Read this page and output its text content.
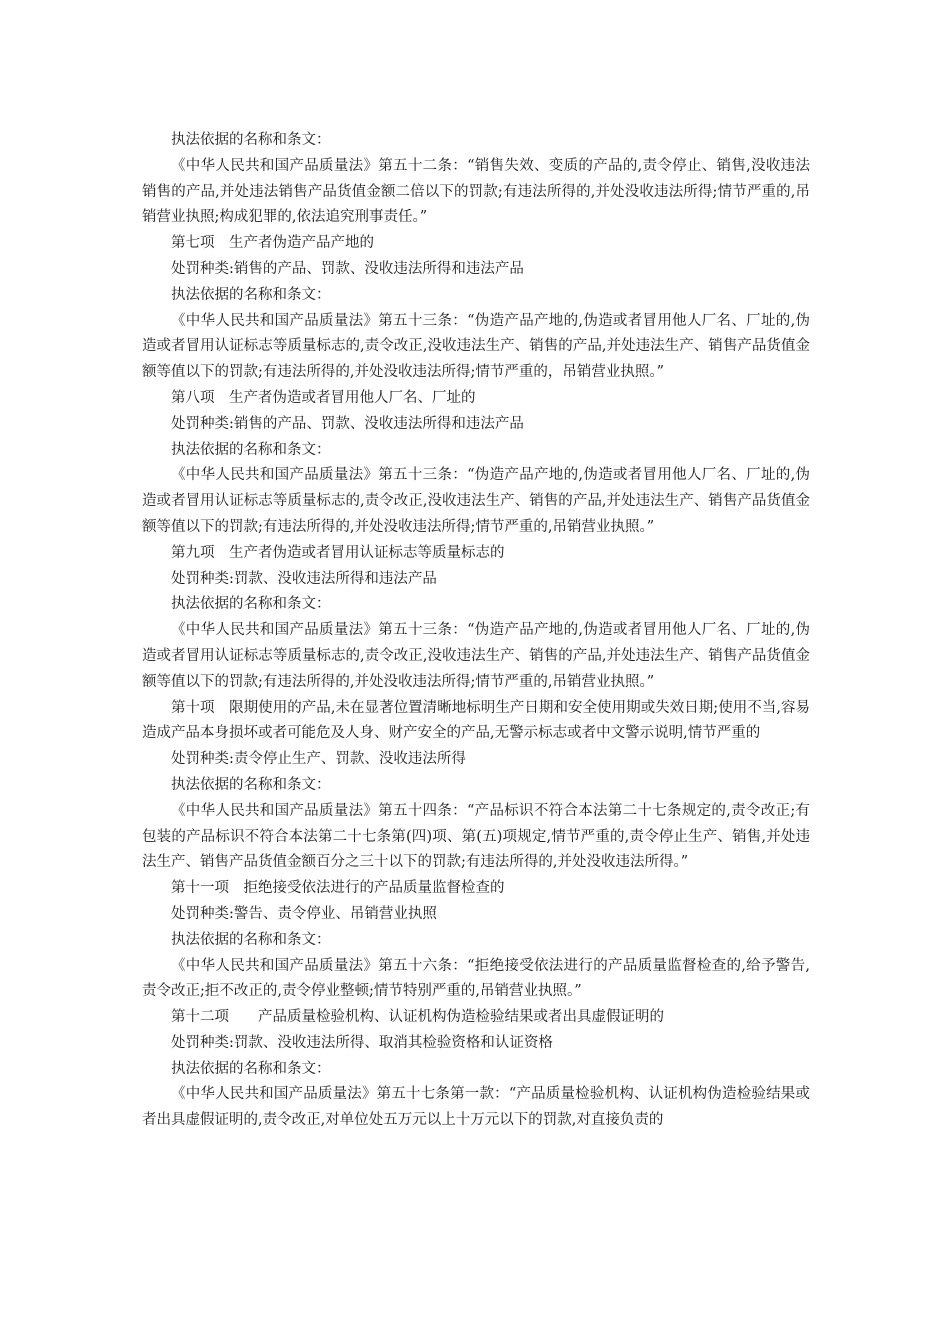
执法依据的名称和条文：

《中华人民共和国产品质量法》第五十二条：“销售失效、变质的产品的,责令停止、销售,没收违法销售的产品,并处违法销售产品货值金额二倍以下的罚款;有违法所得的,并处没收违法所得;情节严重的,吊销营业执照;构成犯罪的,依法追究刑事责任。”

第七项　生产者伪造产品产地的

处罚种类:销售的产品、罚款、没收违法所得和违法产品

执法依据的名称和条文：

《中华人民共和国产品质量法》第五十三条：“伪造产品产地的,伪造或者冒用他人厂名、厂址的,伪造或者冒用认证标志等质量标志的,责令改正,没收违法生产、销售的产品,并处违法生产、销售产品货值金额等值以下的罚款;有违法所得的,并处没收违法所得;情节严重的，吊销营业执照。”

第八项　生产者伪造或者冒用他人厂名、厂址的

处罚种类:销售的产品、罚款、没收违法所得和违法产品

执法依据的名称和条文：

《中华人民共和国产品质量法》第五十三条：“伪造产品产地的,伪造或者冒用他人厂名、厂址的,伪造或者冒用认证标志等质量标志的,责令改正,没收违法生产、销售的产品,并处违法生产、销售产品货值金额等值以下的罚款;有违法所得的,并处没收违法所得;情节严重的,吊销营业执照。”

第九项　生产者伪造或者冒用认证标志等质量标志的

处罚种类:罚款、没收违法所得和违法产品

执法依据的名称和条文：

《中华人民共和国产品质量法》第五十三条：“伪造产品产地的,伪造或者冒用他人厂名、厂址的,伪造或者冒用认证标志等质量标志的,责令改正,没收违法生产、销售的产品,并处违法生产、销售产品货值金额等值以下的罚款;有违法所得的,并处没收违法所得;情节严重的,吊销营业执照。”

第十项　限期使用的产品,未在显著位置清晰地标明生产日期和安全使用期或失效日期;使用不当,容易造成产品本身损坏或者可能危及人身、财产安全的产品,无警示标志或者中文警示说明,情节严重的

处罚种类:责令停止生产、罚款、没收违法所得

执法依据的名称和条文：

《中华人民共和国产品质量法》第五十四条：“产品标识不符合本法第二十七条规定的,责令改正;有包装的产品标识不符合本法第二十七条第(四)项、第(五)项规定,情节严重的,责令停止生产、销售,并处违法生产、销售产品货值金额百分之三十以下的罚款;有违法所得的,并处没收违法所得。”

第十一项　拒绝接受依法进行的产品质量监督检查的

处罚种类:警告、责令停业、吊销营业执照

执法依据的名称和条文：

《中华人民共和国产品质量法》第五十六条：“拒绝接受依法进行的产品质量监督检查的,给予警告,责令改正;拒不改正的,责令停业整顿;情节特别严重的,吊销营业执照。”

第十二项　　产品质量检验机构、认证机构伪造检验结果或者出具虚假证明的

处罚种类:罚款、没收违法所得、取消其检验资格和认证资格

执法依据的名称和条文：

《中华人民共和国产品质量法》第五十七条第一款：“产品质量检验机构、认证机构伪造检验结果或者出具虚假证明的,责令改正,对单位处五万元以上十万元以下的罚款,对直接负责的
